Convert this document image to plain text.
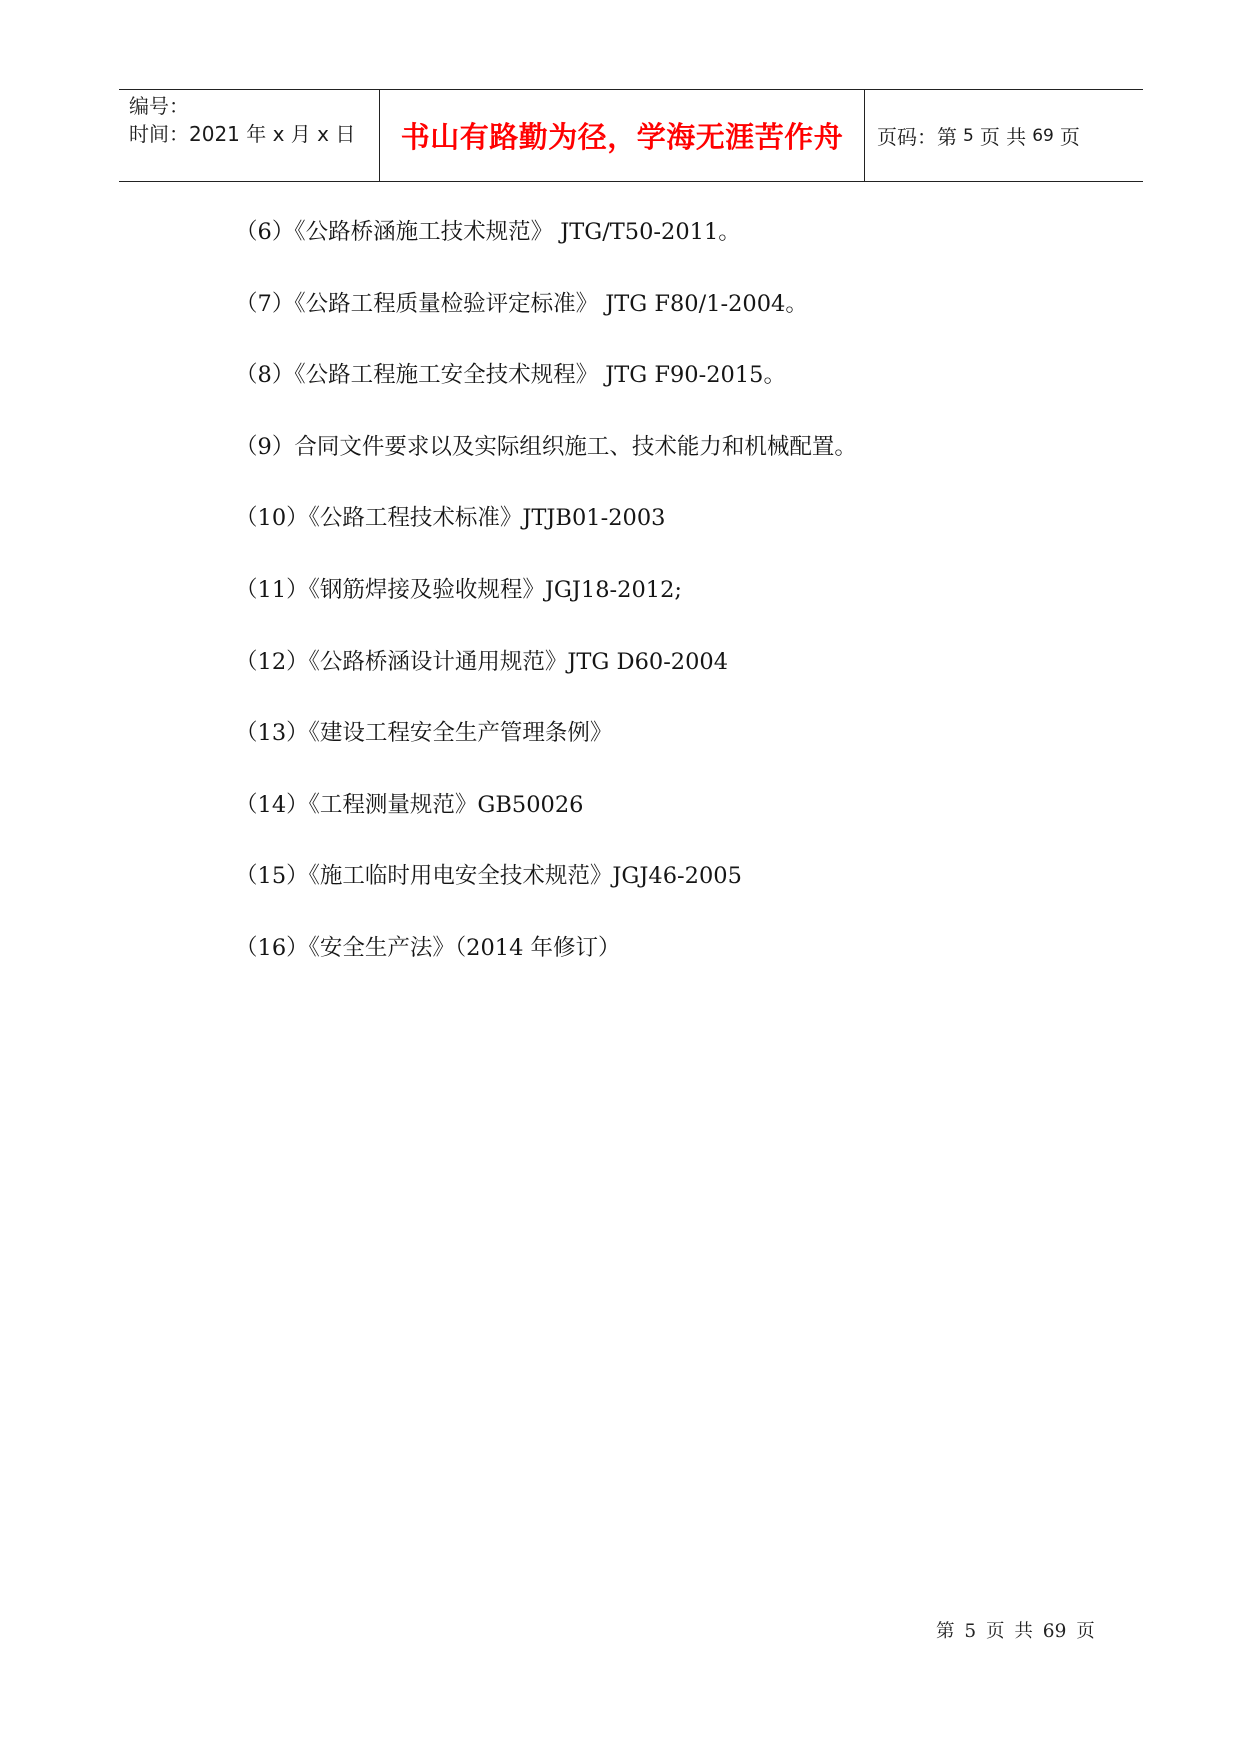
编号：
时间：2021 年 x 月 x 日	书山有路勤为径，学海无涯苦作舟	页码：第 5 页 共 69 页
（6）《公路桥涵施工技术规范》 JTG/T50-2011。
（7）《公路工程质量检验评定标准》 JTG F80/1-2004。
（8）《公路工程施工安全技术规程》 JTG F90-2015。
（9）合同文件要求以及实际组织施工、技术能力和机械配置。
（10）《公路工程技术标准》JTJB01-2003
（11）《钢筋焊接及验收规程》JGJ18-2012;
（12）《公路桥涵设计通用规范》JTG D60-2004
（13）《建设工程安全生产管理条例》
（14）《工程测量规范》GB50026
（15）《施工临时用电安全技术规范》JGJ46-2005
（16）《安全生产法》（2014 年修订）
第 5 页 共 69 页
